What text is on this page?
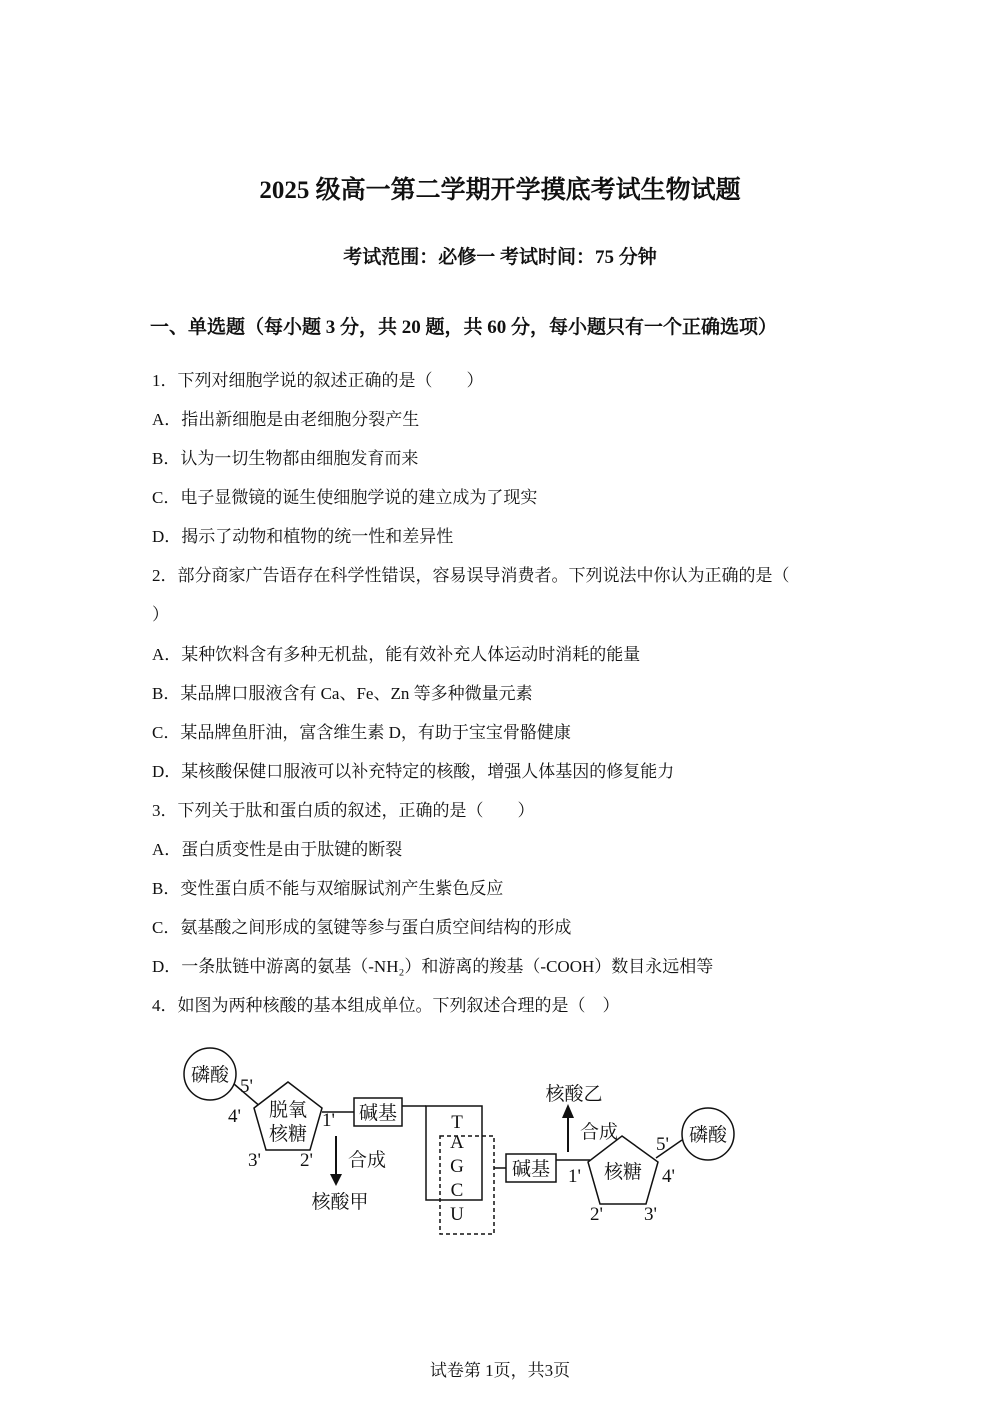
2025 级高一第二学期开学摸底考试生物试题
考试范围：必修一 考试时间：75 分钟
一、单选题（每小题 3 分，共 20 题，共 60 分，每小题只有一个正确选项）
1．下列对细胞学说的叙述正确的是（　　）
A．指出新细胞是由老细胞分裂产生
B．认为一切生物都由细胞发育而来
C．电子显微镜的诞生使细胞学说的建立成为了现实
D．揭示了动物和植物的统一性和差异性
2．部分商家广告语存在科学性错误，容易误导消费者。下列说法中你认为正确的是（
）
A．某种饮料含有多种无机盐，能有效补充人体运动时消耗的能量
B．某品牌口服液含有 Ca、Fe、Zn 等多种微量元素
C．某品牌鱼肝油，富含维生素 D，有助于宝宝骨骼健康
D．某核酸保健口服液可以补充特定的核酸，增强人体基因的修复能力
3．下列关于肽和蛋白质的叙述，正确的是（　　）
A．蛋白质变性是由于肽键的断裂
B．变性蛋白质不能与双缩脲试剂产生紫色反应
C．氨基酸之间形成的氢键等参与蛋白质空间结构的形成
D．一条肽链中游离的氨基（-NH₂）和游离的羧基（-COOH）数目永远相等
4．如图为两种核酸的基本组成单位。下列叙述合理的是（　）
磷酸
脱氧
核糖
5'
4'	1'
3' 2'
碱基
合成
核酸甲
T
A
G
C
U
碱基	核糖
1'
5'
4'
2' 3'
磷酸
合成
核酸乙
试卷第 1页，共3页
